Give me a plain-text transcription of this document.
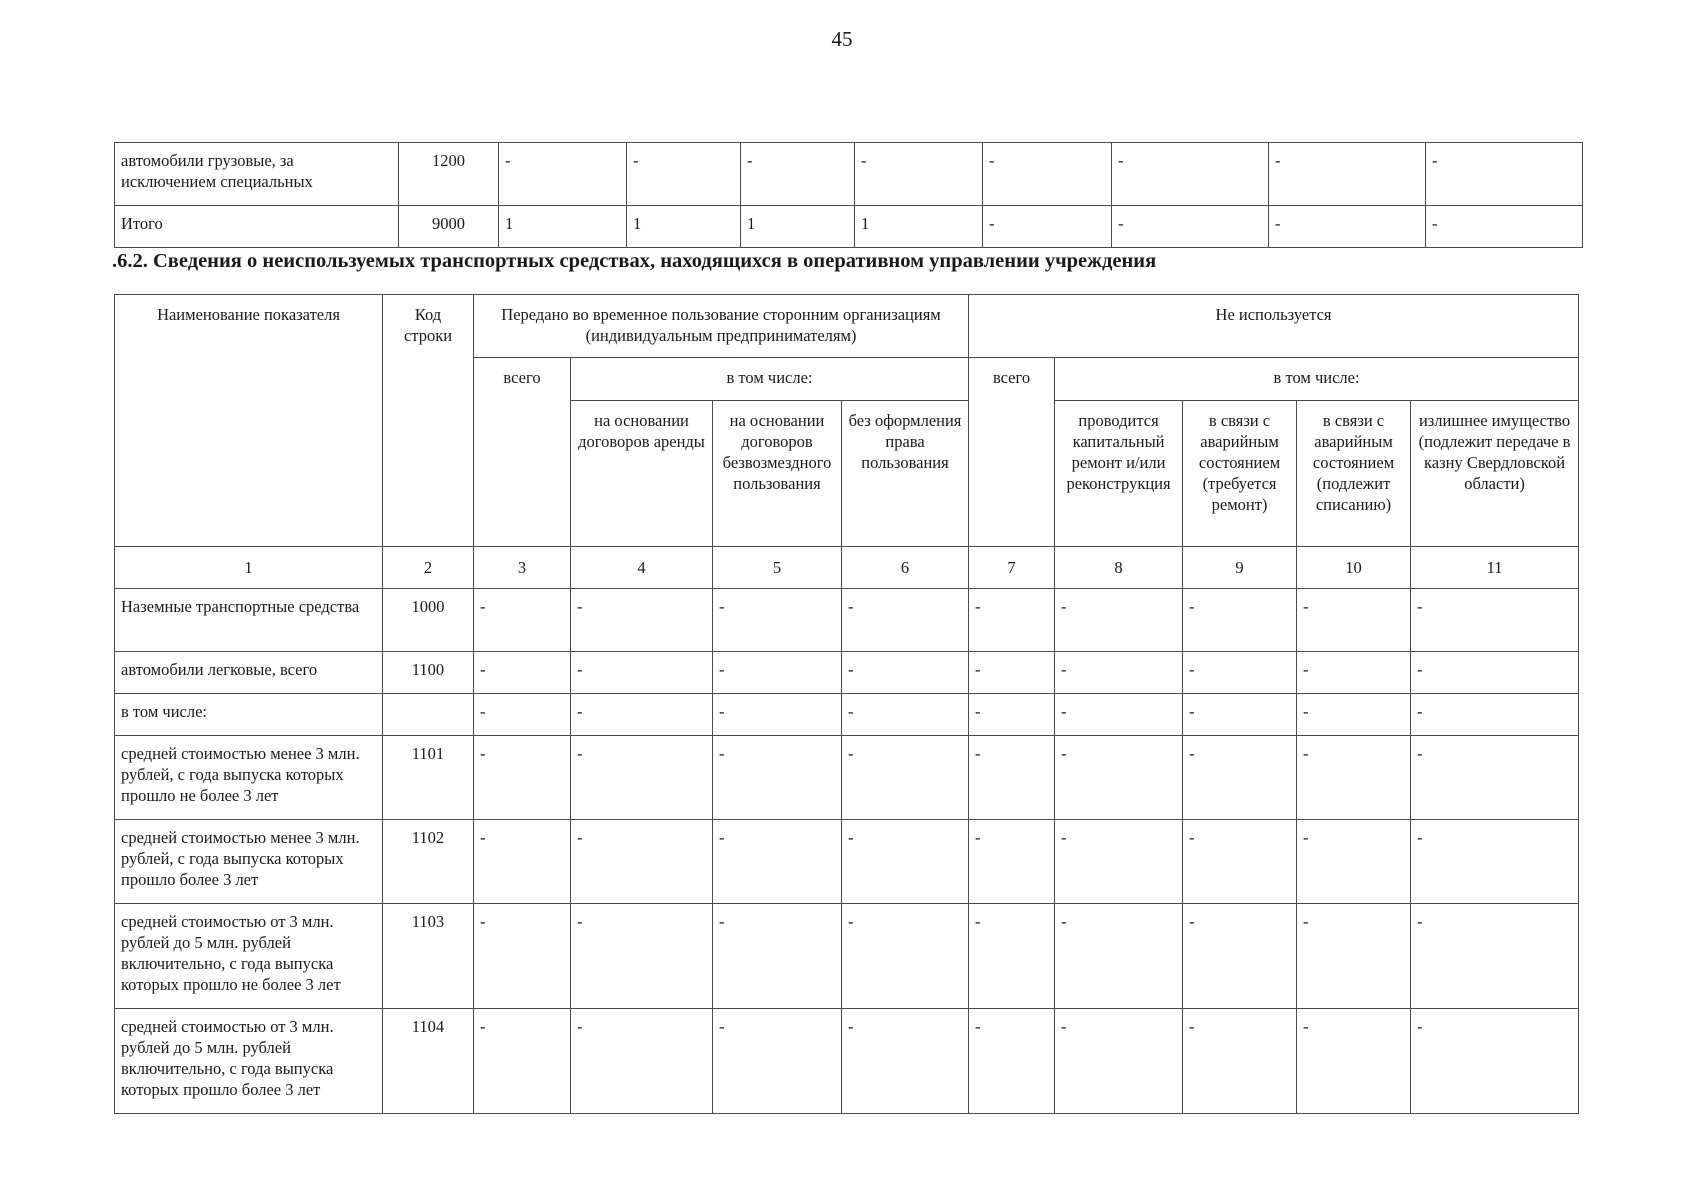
45
автомобили грузовые, за исключением специальных	1200	-	-	-	-	-	-	-	-
Итого	9000	1	1	1	1	-	-	-	-
.6.2. Сведения о неиспользуемых транспортных средствах, находящихся в оперативном управлении учреждения
Наименование показателя	Код строки	Передано во временное пользование сторонним организациям (индивидуальным предпринимателям)				Не используется				
		всего	в том числе:			всего	в том числе:			
			на основании договоров аренды	на основании договоров безвозмездного пользования	без оформления права пользования		проводится капитальный ремонт и/или реконструкция	в связи с аварийным состоянием (требуется ремонт)	в связи с аварийным состоянием (подлежит списанию)	излишнее имущество (подлежит передаче в казну Свердловской области)
1	2	3	4	5	6	7	8	9	10	11
Наземные транспортные средства	1000	-	-	-	-	-	-	-	-	-
автомобили легковые, всего	1100	-	-	-	-	-	-	-	-	-
в том числе:		-	-	-	-	-	-	-	-	-
средней стоимостью менее 3 млн. рублей, с года выпуска которых прошло не более 3 лет	1101	-	-	-	-	-	-	-	-	-
средней стоимостью менее 3 млн. рублей, с года выпуска которых прошло более 3 лет	1102	-	-	-	-	-	-	-	-	-
средней стоимостью от 3 млн. рублей до 5 млн. рублей включительно, с года выпуска которых прошло не более 3 лет	1103	-	-	-	-	-	-	-	-	-
средней стоимостью от 3 млн. рублей до 5 млн. рублей включительно, с года выпуска которых прошло более 3 лет	1104	-	-	-	-	-	-	-	-	-
